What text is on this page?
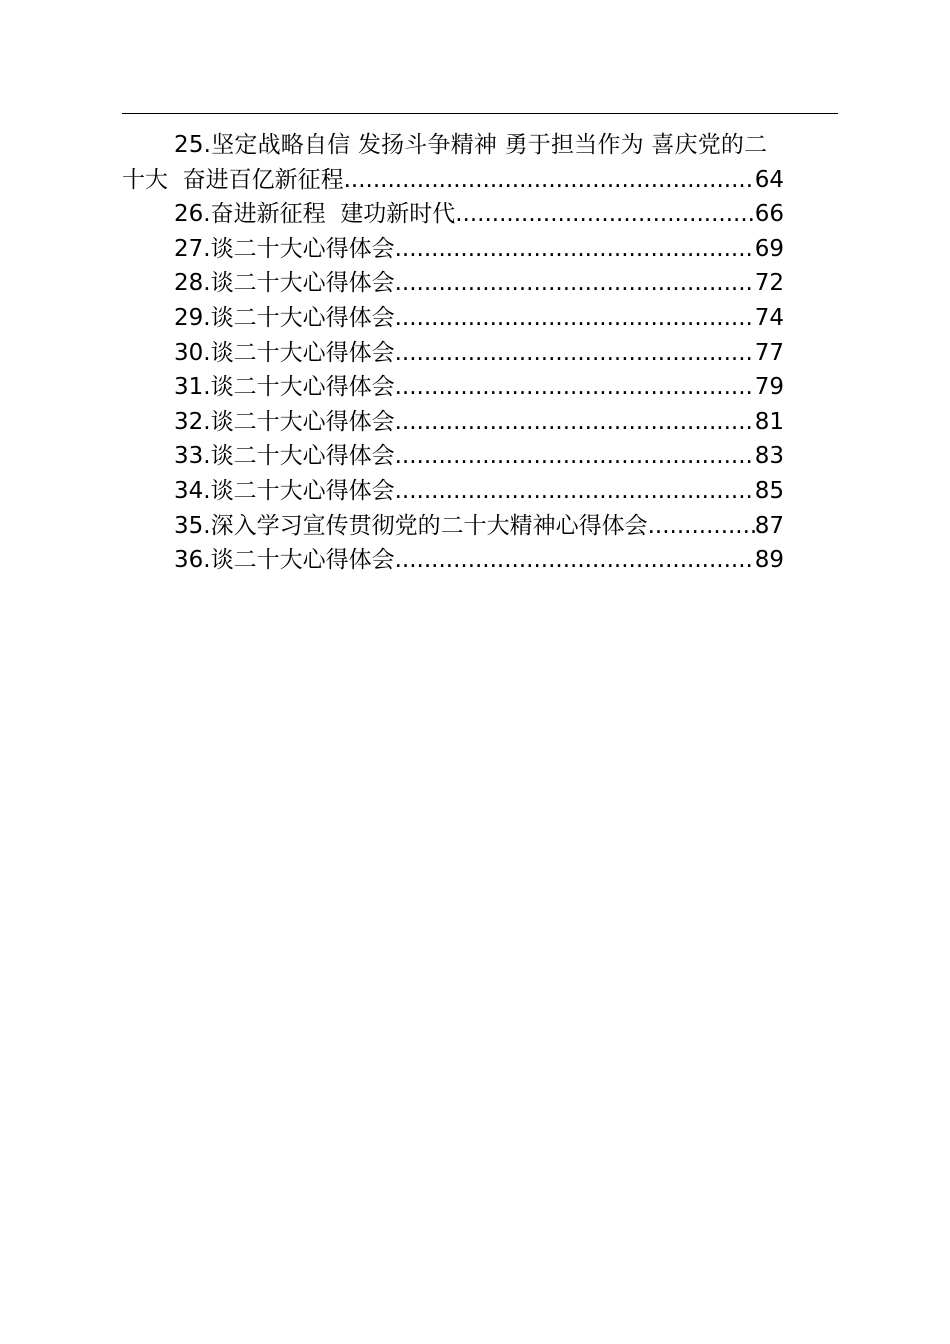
25.坚定战略自信 发扬斗争精神 勇于担当作为 喜庆党的二
十大  奋进百亿新征程 .....	64
26. 奋进新征程  建功新时代 .....	66
27. 谈二十大心得体会 .....	69
28. 谈二十大心得体会 .....	72
29. 谈二十大心得体会 .....	74
30. 谈二十大心得体会 .....	77
31. 谈二十大心得体会 .....	79
32. 谈二十大心得体会 .....	81
33. 谈二十大心得体会 .....	83
34. 谈二十大心得体会 .....	85
35. 深入学习宣传贯彻党的二十大精神心得体会 .....	87
36. 谈二十大心得体会 .....	89
